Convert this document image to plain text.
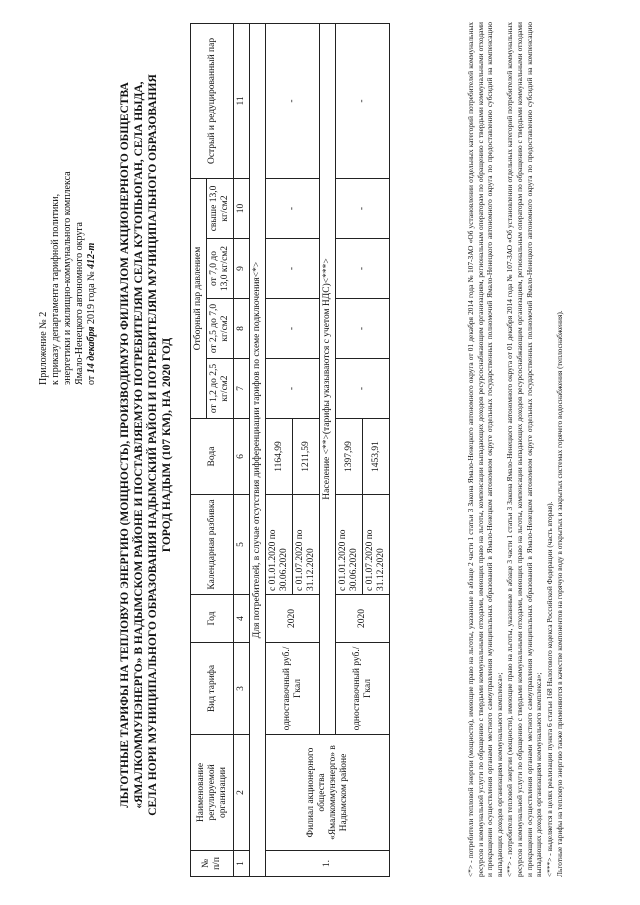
Приложение № 2 к приказу департамента тарифной политики, энергетики и жилищно-коммунального комплекса Ямало-Ненецкого автономного округа от 14 декабря 2019 года № 412-т ЛЬГОТНЫЕ ТАРИФЫ НА ТЕПЛОВУЮ ЭНЕРГИЮ (МОЩНОСТЬ), ПРОИЗВОДИМУЮ ФИЛИАЛОМ АКЦИОНЕРНОГО ОБЩЕСТВА «ЯМАЛКОММУНЭНЕРГО» В НАДЫМСКОМ РАЙОНЕ И ПОСТАВЛЯЕМУЮ ПОТРЕБИТЕЛЯМ СЕЛА КУТОПЬЮГАН, СЕЛА НЫДА, СЕЛА НОРИ МУНИЦИПАЛЬНОГО ОБРАЗОВАНИЯ НАДЫМСКИЙ РАЙОН И ПОТРЕБИТЕЛЯМ МУНИЦИПАЛЬНОГО ОБРАЗОВАНИЯ ГОРОД НАДЫМ (107 КМ), НА 2020 ГОД
№ п/п	Наименование регулируемой организации	Вид тарифа	Год	Календарная разбивка	Вода	Отборный пар давлением				Острый и редуцированный пар
						от 1,2 до 2,5 кг/см2	от 2,5 до 7,0 кг/см2	от 7,0 до 13,0 кг/см2	свыше 13,0 кг/см2	
1	2	3	4	5	6	7	8	9	10	11
Для потребителей, в случае отсутствия дифференциации тарифов по схеме подключения<*>										
1.	Филиал акционерного общества «Ямалкоммунэнерго» в Надымском районе	одноставочный руб./Гкал	2020	с 01.01.2020 по 30.06.2020	1164,99	-	-	-	-	-
				с 01.07.2020 по 31.12.2020	1211,59					
		Население <**>(тарифы указываются с учетом НДС)<***>								
		одноставочный руб./Гкал	2020	с 01.01.2020 по 30.06.2020	1397,99	-	-	-	-	-
				с 01.07.2020 по 31.12.2020	1453,91						<*> - потребители тепловой энергии (мощности), имеющие право на льготы, указанные в абзаце 2 части 1 статьи 3 Закона Ямало-Ненецкого автономного округа от 01 декабря 2014 года № 107-ЗАО «Об установлении отдельных категорий потребителей коммунальных ресурсов и коммунальной услуги по обращению с твердыми коммунальными отходами, имеющих право на льготы, компенсации выпадающих доходов ресурсоснабжающим организациям, региональным операторам по обращению с твердыми коммунальными отходами и прекращении осуществления органами местного самоуправления муниципальных образований в Ямало-Ненецком автономном округе отдельных государственных полномочий Ямало-Ненецкого автономного округа по предоставлению субсидий на компенсацию выпадающих доходов организациям коммунального комплекса»; <**> - потребители тепловой энергии (мощности), имеющие право на льготы, указанные в абзаце 3 части 1 статьи 3 Закона Ямало-Ненецкого автономного округа от 01 декабря 2014 года № 107-ЗАО «Об установлении отдельных категорий потребителей коммунальных ресурсов и коммунальной услуги по обращению с твердыми коммунальными отходами, имеющих право на льготы, компенсации выпадающих доходов ресурсоснабжающим организациям, региональным операторам по обращению с твердыми коммунальными отходами и прекращении осуществления органами местного самоуправления муниципальных образований в Ямало-Ненецком автономном округе отдельных государственных полномочий Ямало-Ненецкого автономного округа по предоставлению субсидий на компенсацию выпадающих доходов организациям коммунального комплекса»; <***> - выделяется в целях реализации пункта 6 статьи 168 Налогового кодекса Российской Федерации (часть вторая). Льготные тарифы на тепловую энергию также применяются в качестве компонентов на горячую воду в открытых и закрытых системах горячего водоснабжения (теплоснабжения).
